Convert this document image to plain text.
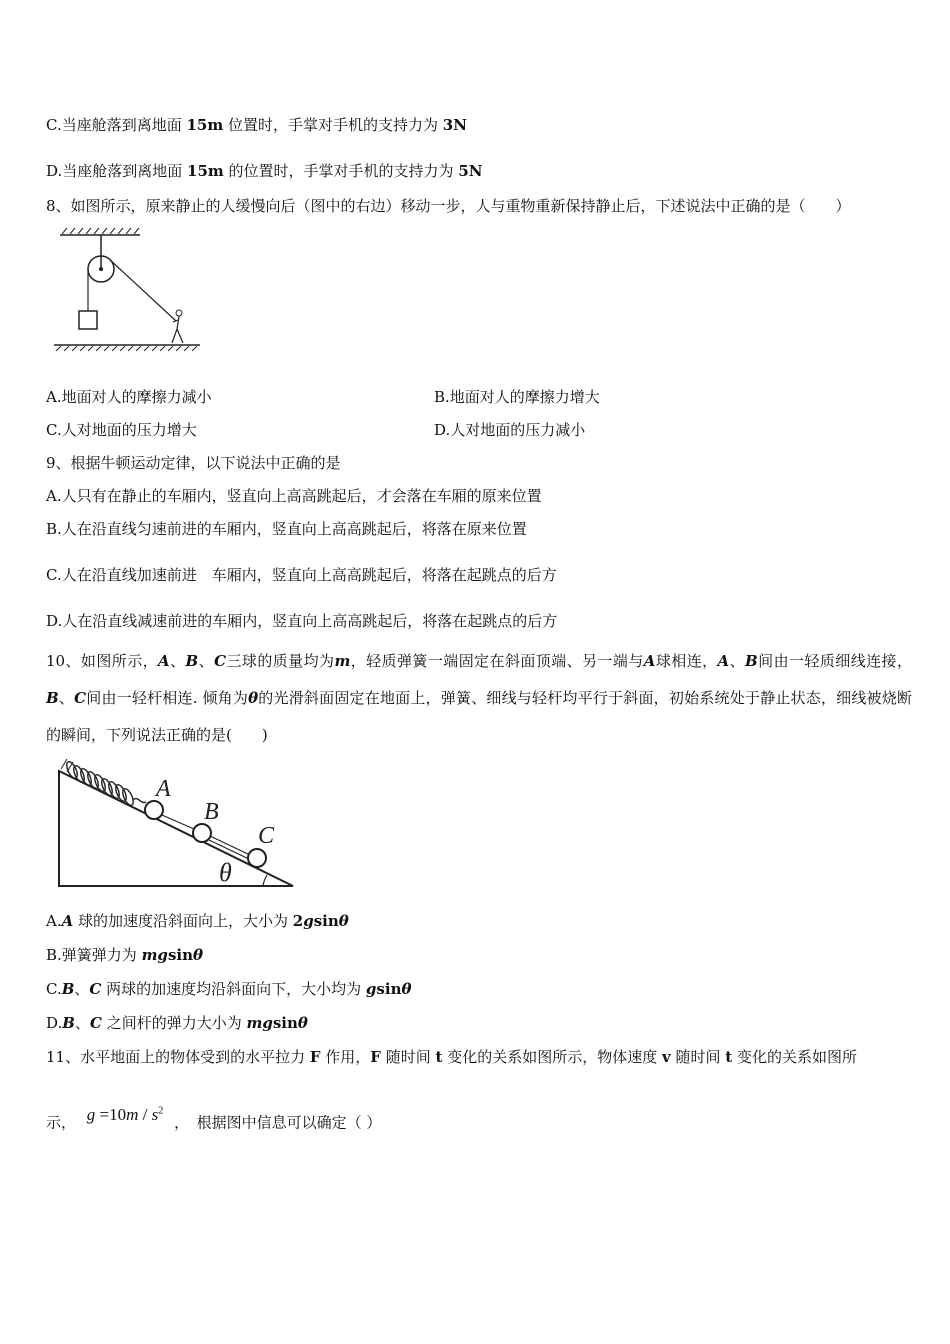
C.当座舱落到离地面 15m 位置时，手掌对手机的支持力为 3N
D.当座舱落到离地面 15m 的位置时，手掌对手机的支持力为 5N
8、如图所示，原来静止的人缓慢向后（图中的右边）移动一步，人与重物重新保持静止后，下述说法中正确的是（　　）
A.地面对人的摩擦力减小	B.地面对人的摩擦力增大
C.人对地面的压力增大	D.人对地面的压力减小
9、根据牛顿运动定律，以下说法中正确的是
A.人只有在静止的车厢内，竖直向上高高跳起后，才会落在车厢的原来位置
B.人在沿直线匀速前进的车厢内，竖直向上高高跳起后，将落在原来位置
C.人在沿直线加速前进　车厢内，竖直向上高高跳起后，将落在起跳点的后方
D.人在沿直线减速前进的车厢内，竖直向上高高跳起后，将落在起跳点的后方
10、如图所示，A、B、C三球的质量均为m，轻质弹簧一端固定在斜面顶端、另一端与A球相连，A、B间由一轻质细线连接，B、C间由一轻杆相连. 倾角为θ的光滑斜面固定在地面上，弹簧、细线与轻杆均平行于斜面，初始系统处于静止状态，细线被烧断的瞬间，下列说法正确的是(　　)
A
B
C
θ
A.A 球的加速度沿斜面向上，大小为 2gsinθ
B.弹簧弹力为 mgsinθ
C.B、C 两球的加速度均沿斜面向下，大小均为 gsinθ
D.B、C 之间杆的弹力大小为 mgsinθ
11、水平地面上的物体受到的水平拉力 F 作用，F 随时间 t 变化的关系如图所示，物体速度 v 随时间 t 变化的关系如图所
示， $g =10m / s^2$ ，　根据图中信息可以确定（ ）
